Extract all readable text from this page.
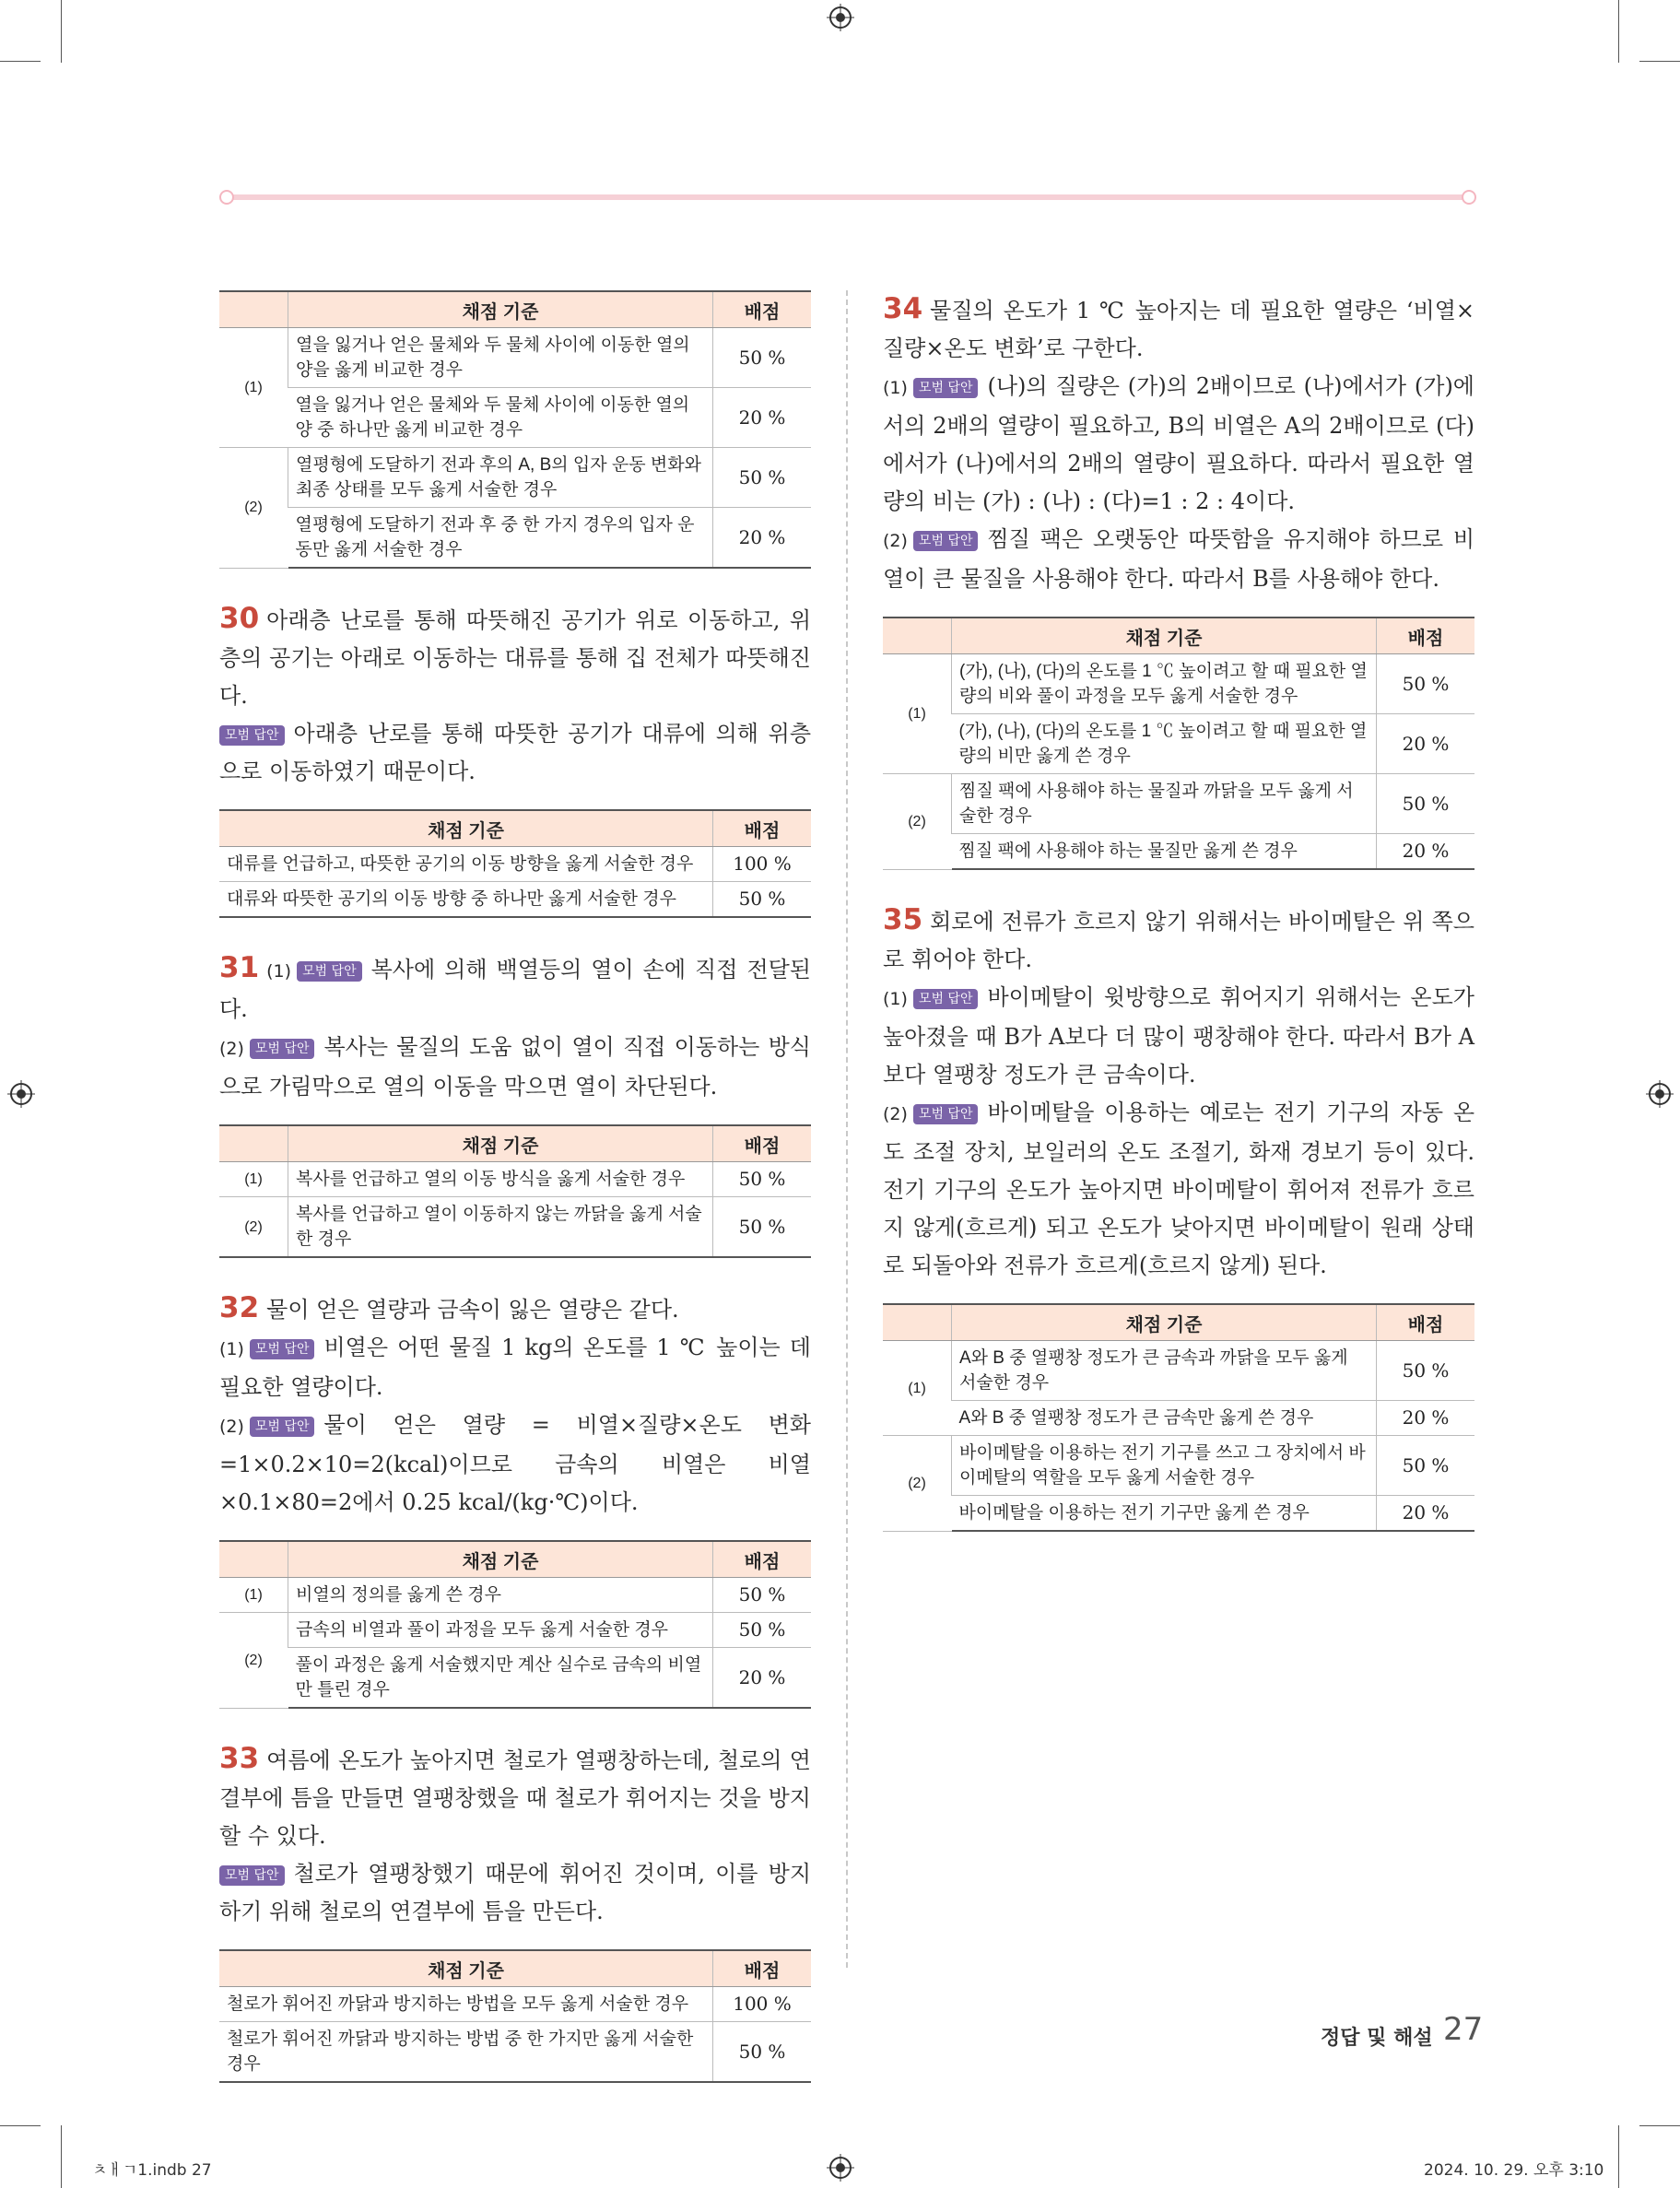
	채점 기준	배점
(1)	열을 잃거나 얻은 물체와 두 물체 사이에 이동한 열의 양을 옳게 비교한 경우	50 %
	열을 잃거나 얻은 물체와 두 물체 사이에 이동한 열의 양 중 하나만 옳게 비교한 경우	20 %
(2)	열평형에 도달하기 전과 후의 A, B의 입자 운동 변화와 최종 상태를 모두 옳게 서술한 경우	50 %
	열평형에 도달하기 전과 후 중 한 가지 경우의 입자 운동만 옳게 서술한 경우	20 %

30 아래층 난로를 통해 따뜻해진 공기가 위로 이동하고, 위층의 공기는 아래로 이동하는 대류를 통해 집 전체가 따뜻해진다.

모범 답안 아래층 난로를 통해 따뜻한 공기가 대류에 의해 위층으로 이동하였기 때문이다.

채점 기준	배점
대류를 언급하고, 따뜻한 공기의 이동 방향을 옳게 서술한 경우	100 %
대류와 따뜻한 공기의 이동 방향 중 하나만 옳게 서술한 경우	50 %

31 (1) 모범 답안 복사에 의해 백열등의 열이 손에 직접 전달된다.

(2) 모범 답안 복사는 물질의 도움 없이 열이 직접 이동하는 방식으로 가림막으로 열의 이동을 막으면 열이 차단된다.

	채점 기준	배점
(1)	복사를 언급하고 열의 이동 방식을 옳게 서술한 경우	50 %
(2)	복사를 언급하고 열이 이동하지 않는 까닭을 옳게 서술한 경우	50 %

32 물이 얻은 열량과 금속이 잃은 열량은 같다.

(1) 모범 답안 비열은 어떤 물질 1 kg의 온도를 1 ℃ 높이는 데 필요한 열량이다.

(2) 모범 답안 물이 얻은 열량 = 비열×질량×온도 변화=1×0.2×10=2(kcal)이므로 금속의 비열은 비열×0.1×80=2에서 0.25 kcal/(kg·℃)이다.

	채점 기준	배점
(1)	비열의 정의를 옳게 쓴 경우	50 %
(2)	금속의 비열과 풀이 과정을 모두 옳게 서술한 경우	50 %
	풀이 과정은 옳게 서술했지만 계산 실수로 금속의 비열만 틀린 경우	20 %

33 여름에 온도가 높아지면 철로가 열팽창하는데, 철로의 연결부에 틈을 만들면 열팽창했을 때 철로가 휘어지는 것을 방지할 수 있다.

모범 답안 철로가 열팽창했기 때문에 휘어진 것이며, 이를 방지하기 위해 철로의 연결부에 틈을 만든다.

채점 기준	배점
철로가 휘어진 까닭과 방지하는 방법을 모두 옳게 서술한 경우	100 %
철로가 휘어진 까닭과 방지하는 방법 중 한 가지만 옳게 서술한 경우	50 %

34 물질의 온도가 1 ℃ 높아지는 데 필요한 열량은 ‘비열×질량×온도 변화’로 구한다.

(1) 모범 답안 (나)의 질량은 (가)의 2배이므로 (나)에서가 (가)에서의 2배의 열량이 필요하고, B의 비열은 A의 2배이므로 (다)에서가 (나)에서의 2배의 열량이 필요하다. 따라서 필요한 열량의 비는 (가) : (나) : (다)=1 : 2 : 4이다.

(2) 모범 답안 찜질 팩은 오랫동안 따뜻함을 유지해야 하므로 비열이 큰 물질을 사용해야 한다. 따라서 B를 사용해야 한다.

	채점 기준	배점
(1)	(가), (나), (다)의 온도를 1 ℃ 높이려고 할 때 필요한 열량의 비와 풀이 과정을 모두 옳게 서술한 경우	50 %
	(가), (나), (다)의 온도를 1 ℃ 높이려고 할 때 필요한 열량의 비만 옳게 쓴 경우	20 %
(2)	찜질 팩에 사용해야 하는 물질과 까닭을 모두 옳게 서술한 경우	50 %
	찜질 팩에 사용해야 하는 물질만 옳게 쓴 경우	20 %

35 회로에 전류가 흐르지 않기 위해서는 바이메탈은 위 쪽으로 휘어야 한다.

(1) 모범 답안 바이메탈이 윗방향으로 휘어지기 위해서는 온도가 높아졌을 때 B가 A보다 더 많이 팽창해야 한다. 따라서 B가 A보다 열팽창 정도가 큰 금속이다.

(2) 모범 답안 바이메탈을 이용하는 예로는 전기 기구의 자동 온도 조절 장치, 보일러의 온도 조절기, 화재 경보기 등이 있다. 전기 기구의 온도가 높아지면 바이메탈이 휘어져 전류가 흐르지 않게(흐르게) 되고 온도가 낮아지면 바이메탈이 원래 상태로 되돌아와 전류가 흐르게(흐르지 않게) 된다.

	채점 기준	배점
(1)	A와 B 중 열팽창 정도가 큰 금속과 까닭을 모두 옳게 서술한 경우	50 %
	A와 B 중 열팽창 정도가 큰 금속만 옳게 쓴 경우	20 %
(2)	바이메탈을 이용하는 전기 기구를 쓰고 그 장치에서 바이메탈의 역할을 모두 옳게 서술한 경우	50 %
	바이메탈을 이용하는 전기 기구만 옳게 쓴 경우	20 %
정답 및 해설 27
ㅊㅐㄱ1.indb 27	2024. 10. 29. 오후 3:10
